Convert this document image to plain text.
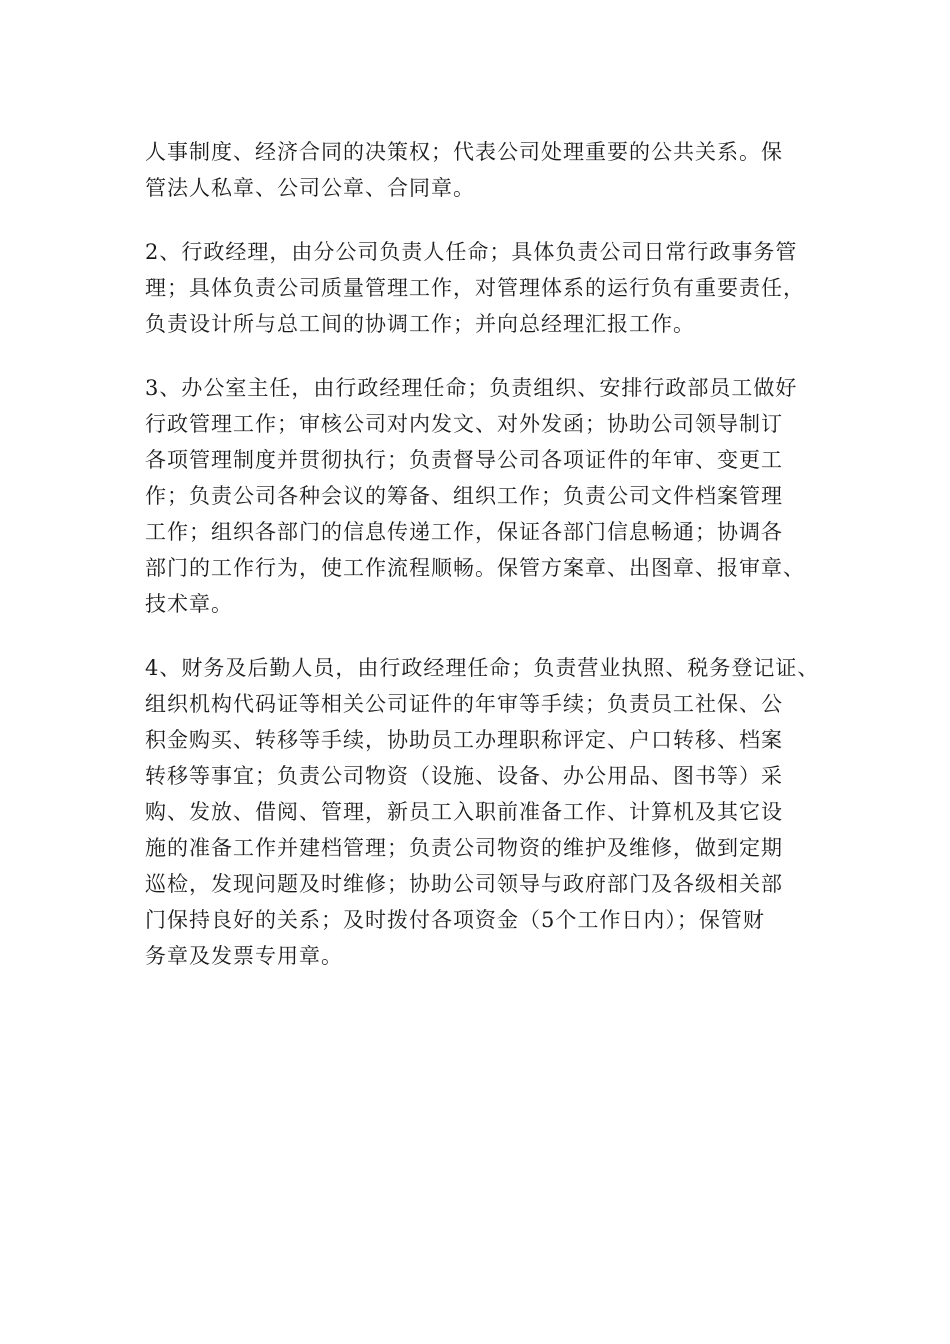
人事制度、经济合同的决策权；代表公司处理重要的公共关系。保
管法人私章、公司公章、合同章。
2、行政经理，由分公司负责人任命；具体负责公司日常行政事务管
理；具体负责公司质量管理工作，对管理体系的运行负有重要责任，
负责设计所与总工间的协调工作；并向总经理汇报工作。
3、办公室主任，由行政经理任命；负责组织、安排行政部员工做好
行政管理工作；审核公司对内发文、对外发函；协助公司领导制订
各项管理制度并贯彻执行；负责督导公司各项证件的年审、变更工
作；负责公司各种会议的筹备、组织工作；负责公司文件档案管理
工作；组织各部门的信息传递工作，保证各部门信息畅通；协调各
部门的工作行为，使工作流程顺畅。保管方案章、出图章、报审章、
技术章。
4、财务及后勤人员，由行政经理任命；负责营业执照、税务登记证、
组织机构代码证等相关公司证件的年审等手续；负责员工社保、公
积金购买、转移等手续，协助员工办理职称评定、户口转移、档案
转移等事宜；负责公司物资（设施、设备、办公用品、图书等）采
购、发放、借阅、管理，新员工入职前准备工作、计算机及其它设
施的准备工作并建档管理；负责公司物资的维护及维修，做到定期
巡检，发现问题及时维修；协助公司领导与政府部门及各级相关部
门保持良好的关系；及时拨付各项资金（5个工作日内）；保管财
务章及发票专用章。
